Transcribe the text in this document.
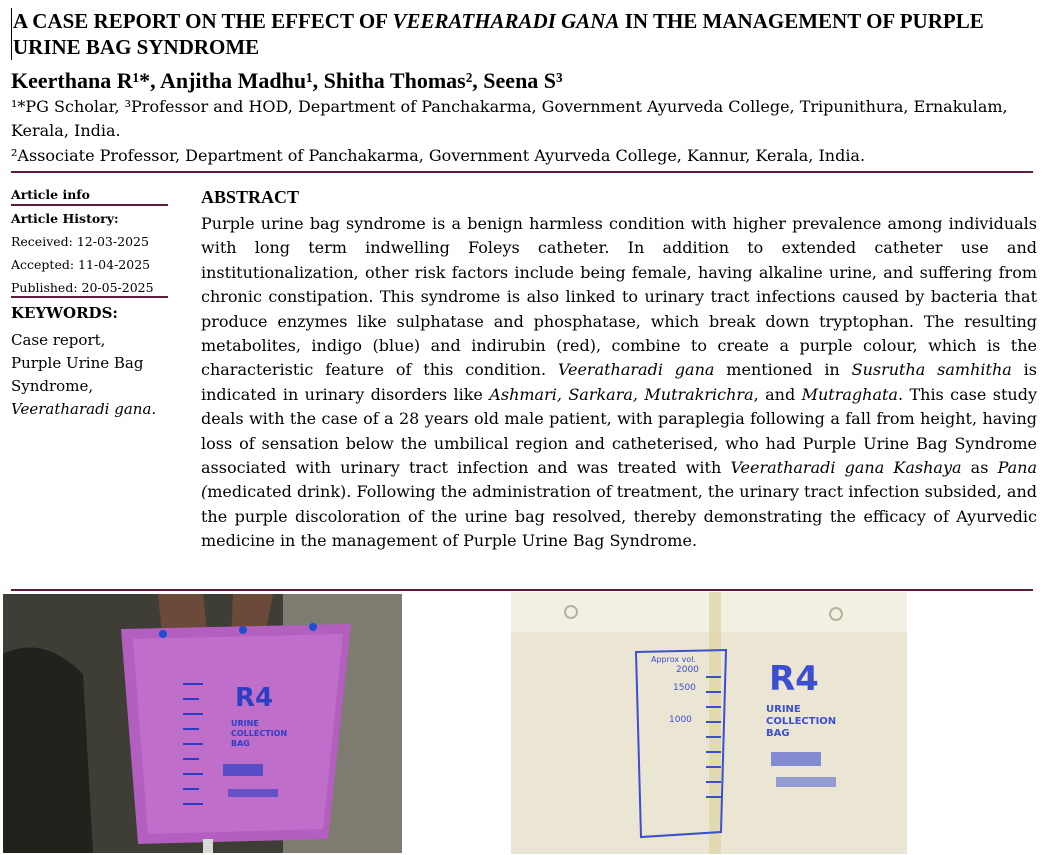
A CASE REPORT ON THE EFFECT OF VEERATHARADI GANA IN THE MANAGEMENT OF PURPLE URINE BAG SYNDROME
Keerthana R¹*, Anjitha Madhu¹, Shitha Thomas², Seena S³

¹*PG Scholar, ³Professor and HOD, Department of Panchakarma, Government Ayurveda College, Tripunithura, Ernakulam, Kerala, India.

²Associate Professor, Department of Panchakarma, Government Ayurveda College, Kannur, Kerala, India.

Article info
Article History:
Received: 12-03-2025
Accepted: 11-04-2025
Published: 20-05-2025
KEYWORDS:
Case report,
Purple Urine Bag
Syndrome,
Veeratharadi gana.
ABSTRACT

Purple urine bag syndrome is a benign harmless condition with higher prevalence among individuals with long term indwelling Foleys catheter. In addition to extended catheter use and institutionalization, other risk factors include being female, having alkaline urine, and suffering from chronic constipation. This syndrome is also linked to urinary tract infections caused by bacteria that produce enzymes like sulphatase and phosphatase, which break down tryptophan. The resulting metabolites, indigo (blue) and indirubin (red), combine to create a purple colour, which is the characteristic feature of this condition. Veeratharadi gana mentioned in Susrutha samhitha is indicated in urinary disorders like Ashmari, Sarkara, Mutrakrichra, and Mutraghata. This case study deals with the case of a 28 years old male patient, with paraplegia following a fall from height, having loss of sensation below the umbilical region and catheterised, who had Purple Urine Bag Syndrome associated with urinary tract infection and was treated with Veeratharadi gana Kashaya as Pana (medicated drink). Following the administration of treatment, the urinary tract infection subsided, and the purple discoloration of the urine bag resolved, thereby demonstrating the efficacy of Ayurvedic medicine in the management of Purple Urine Bag Syndrome.

R4
URINE
COLLECTION
BAG
Approx vol.
2000
1500
1000
R4
URINE
COLLECTION
BAG
